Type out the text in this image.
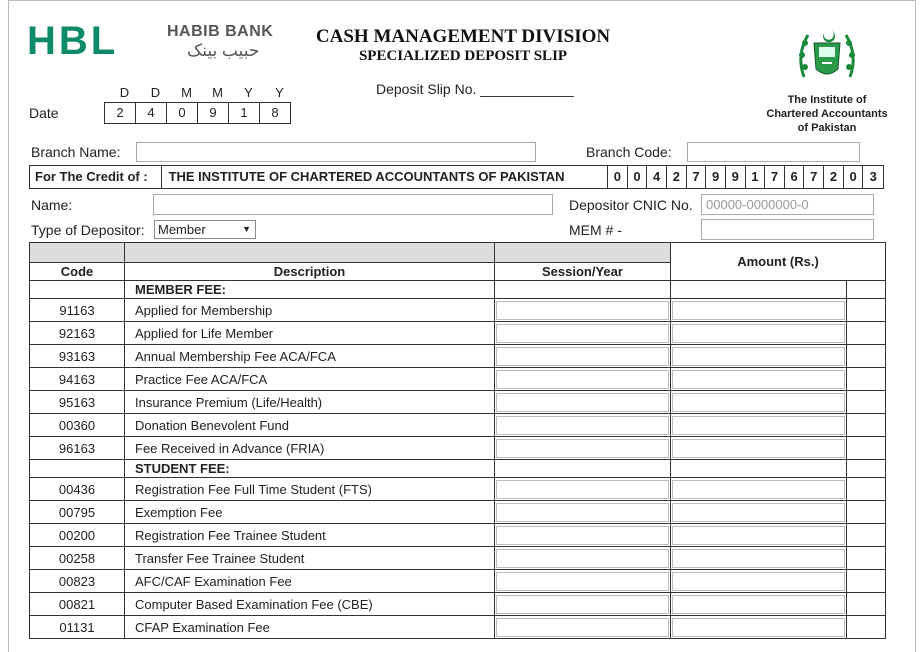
HBL	HABIB BANK
حبیب بینک
CASH MANAGEMENT DIVISION
SPECIALIZED DEPOSIT SLIP
Deposit Slip No. ____________
The Institute of
Chartered Accountants
of Pakistan
Date
D D M M Y Y
2	4	0	9	1	8
Branch Name:	Branch Code:
For The Credit of :	THE INSTITUTE OF CHARTERED ACCOUNTANTS OF PAKISTAN	0 0 4 2 7 9 9 1 7 6 7 2 0 3
Name:	Depositor CNIC No.	00000-0000000-0
Type of Depositor:	Member	▼	MEM # -
			Amount (Rs.)	
Code	Description	Session/Year		
	MEMBER FEE:			
91163	Applied for Membership	

92163	Applied for Life Member	

93163	Annual Membership Fee ACA/FCA	

94163	Practice Fee ACA/FCA	

95163	Insurance Premium (Life/Health)	

00360	Donation Benevolent Fund	

96163	Fee Received in Advance (FRIA)	

	STUDENT FEE:			
00436	Registration Fee Full Time Student (FTS)	

00795	Exemption Fee	

00200	Registration Fee Trainee Student	

00258	Transfer Fee Trainee Student	

00823	AFC/CAF Examination Fee	

00821	Computer Based Examination Fee (CBE)	

01131	CFAP Examination Fee	
